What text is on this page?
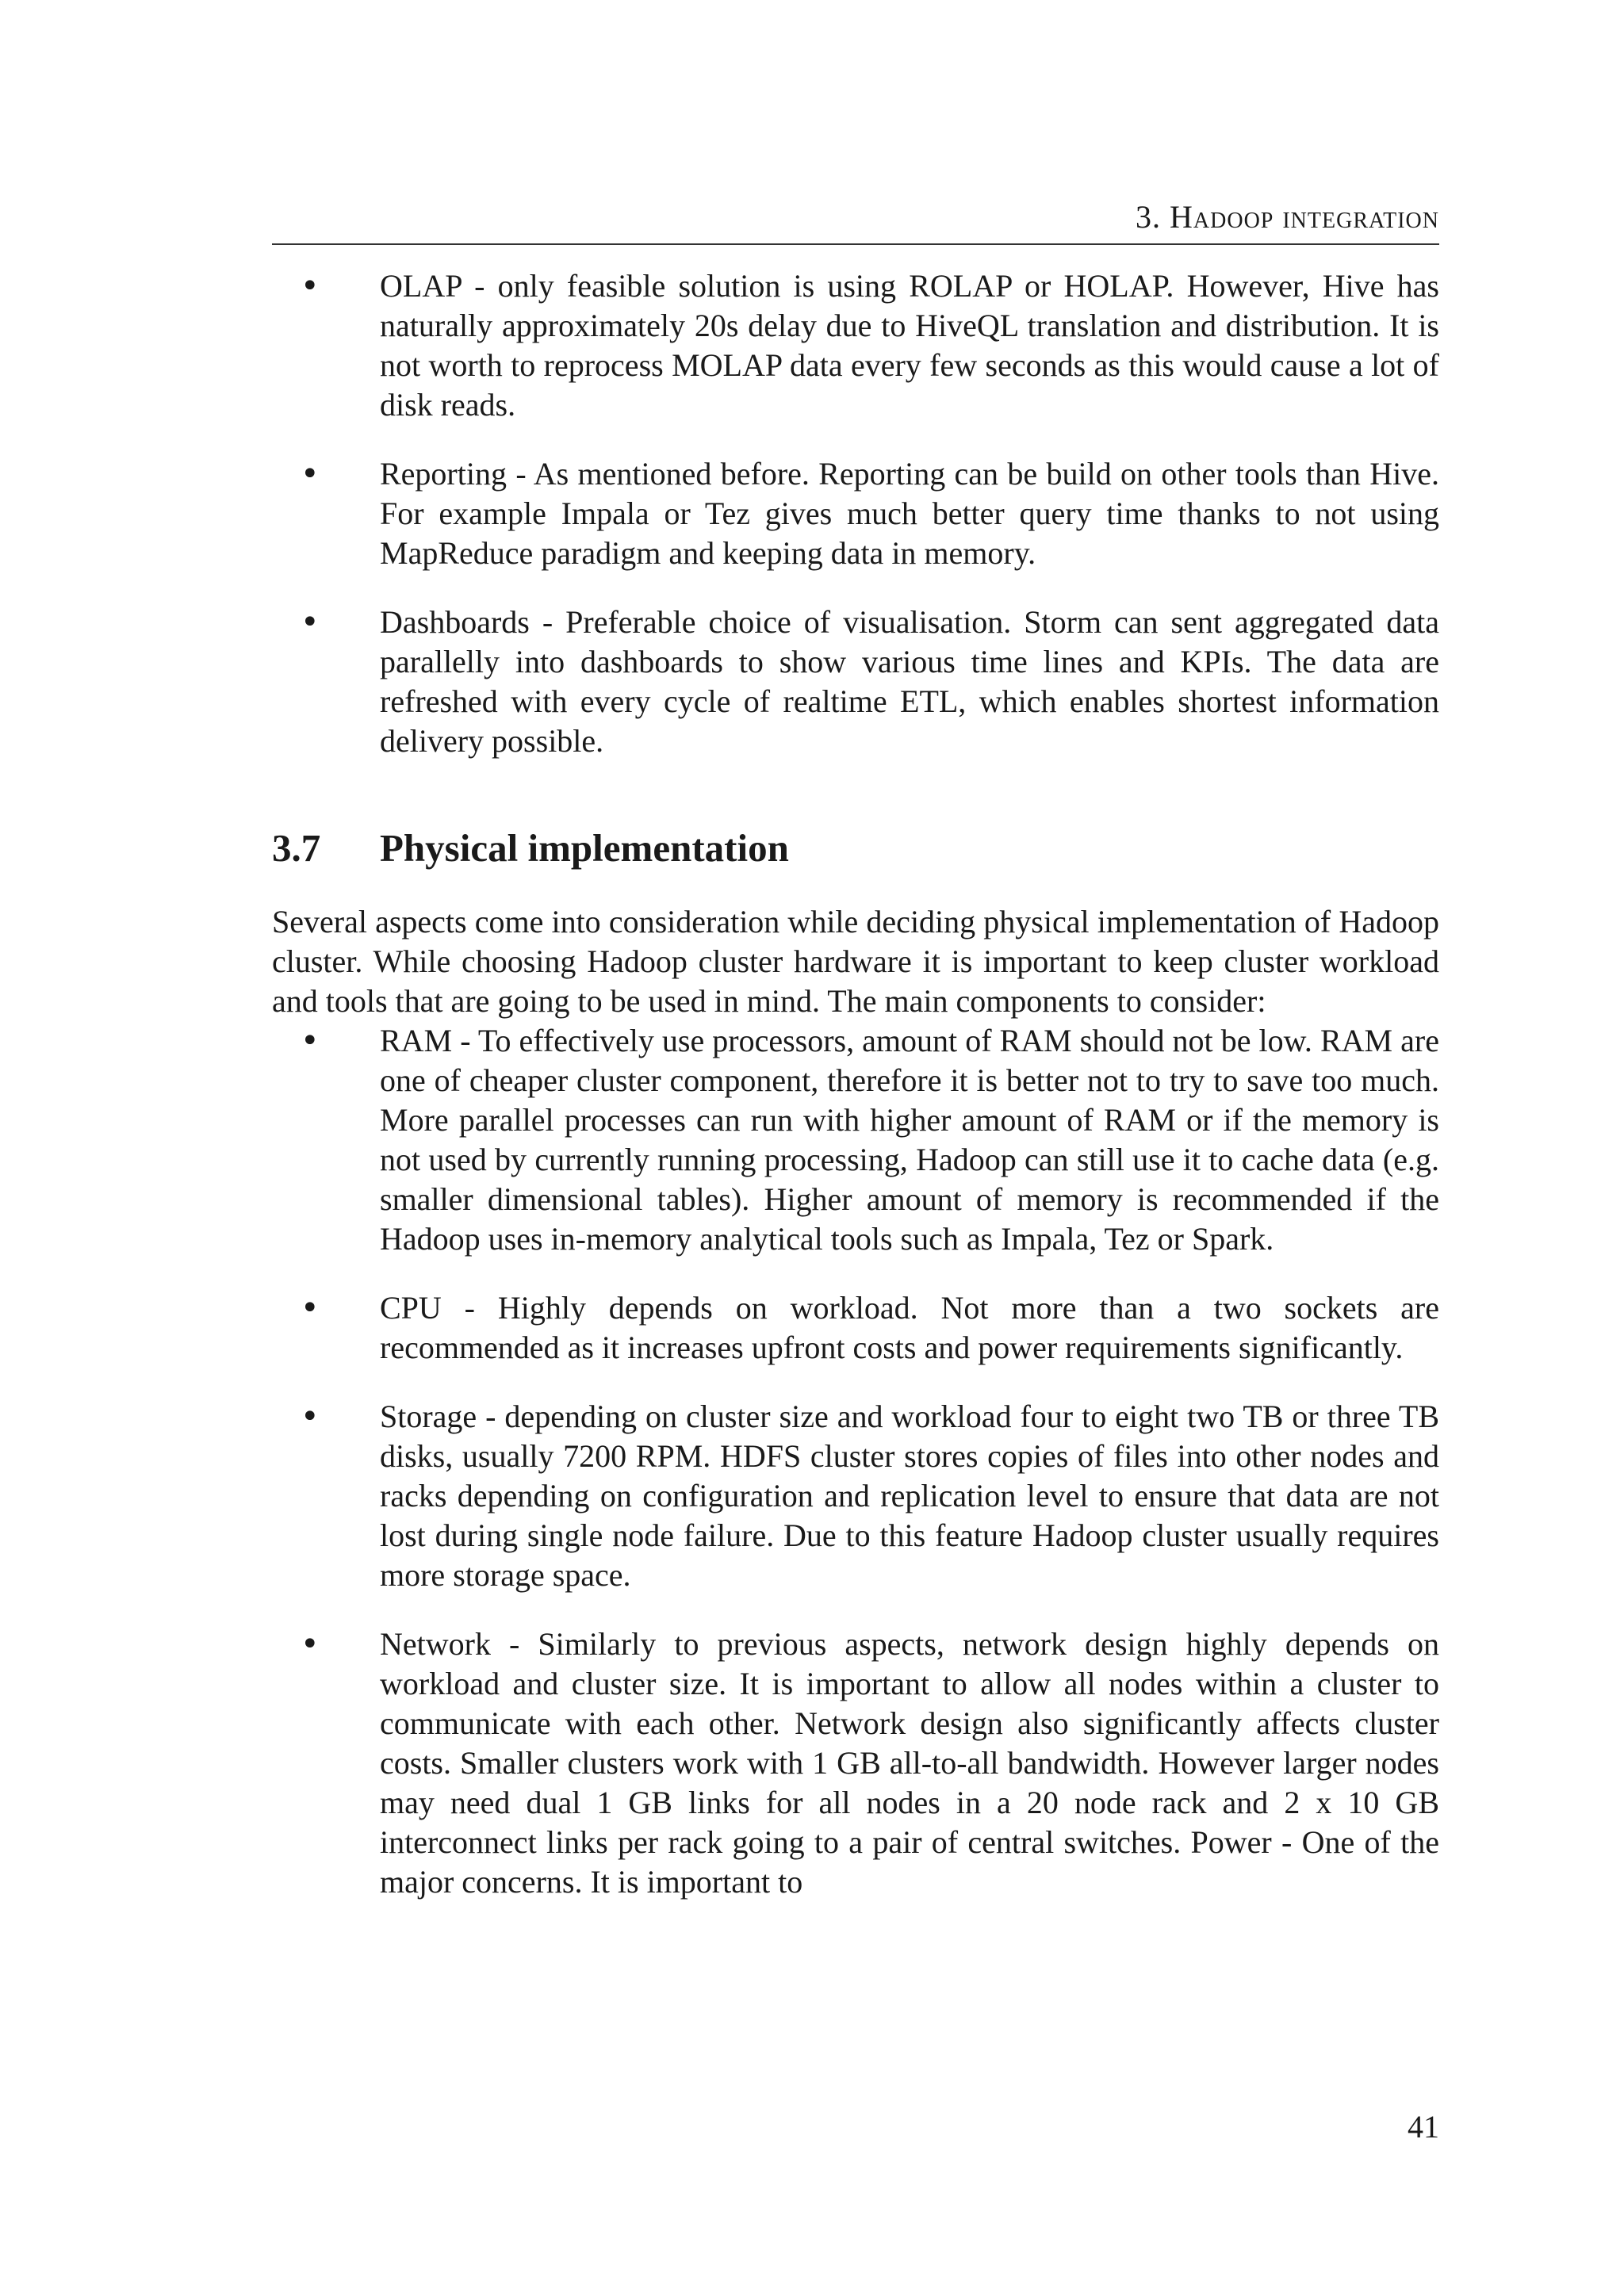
3. Hadoop integration
• OLAP - only feasible solution is using ROLAP or HOLAP. However, Hive has naturally approximately 20s delay due to HiveQL translation and distribution. It is not worth to reprocess MOLAP data every few seconds as this would cause a lot of disk reads.

• Reporting - As mentioned before. Reporting can be build on other tools than Hive. For example Impala or Tez gives much better query time thanks to not using MapReduce paradigm and keeping data in memory.

• Dashboards - Preferable choice of visualisation. Storm can sent aggregated data parallelly into dashboards to show various time lines and KPIs. The data are refreshed with every cycle of realtime ETL, which enables shortest information delivery possible.

3.7	Physical implementation

Several aspects come into consideration while deciding physical implementation of Hadoop cluster. While choosing Hadoop cluster hardware it is important to keep cluster workload and tools that are going to be used in mind. The main components to consider:

• RAM - To effectively use processors, amount of RAM should not be low. RAM are one of cheaper cluster component, therefore it is better not to try to save too much. More parallel processes can run with higher amount of RAM or if the memory is not used by currently running processing, Hadoop can still use it to cache data (e.g. smaller dimensional tables). Higher amount of memory is recommended if the Hadoop uses in-memory analytical tools such as Impala, Tez or Spark.

• CPU - Highly depends on workload. Not more than a two sockets are recommended as it increases upfront costs and power requirements significantly.

• Storage - depending on cluster size and workload four to eight two TB or three TB disks, usually 7200 RPM. HDFS cluster stores copies of files into other nodes and racks depending on configuration and replication level to ensure that data are not lost during single node failure. Due to this feature Hadoop cluster usually requires more storage space.

• Network - Similarly to previous aspects, network design highly depends on workload and cluster size. It is important to allow all nodes within a cluster to communicate with each other. Network design also significantly affects cluster costs. Smaller clusters work with 1 GB all-to-all bandwidth. However larger nodes may need dual 1 GB links for all nodes in a 20 node rack and 2 x 10 GB interconnect links per rack going to a pair of central switches. Power - One of the major concerns. It is important to

41
